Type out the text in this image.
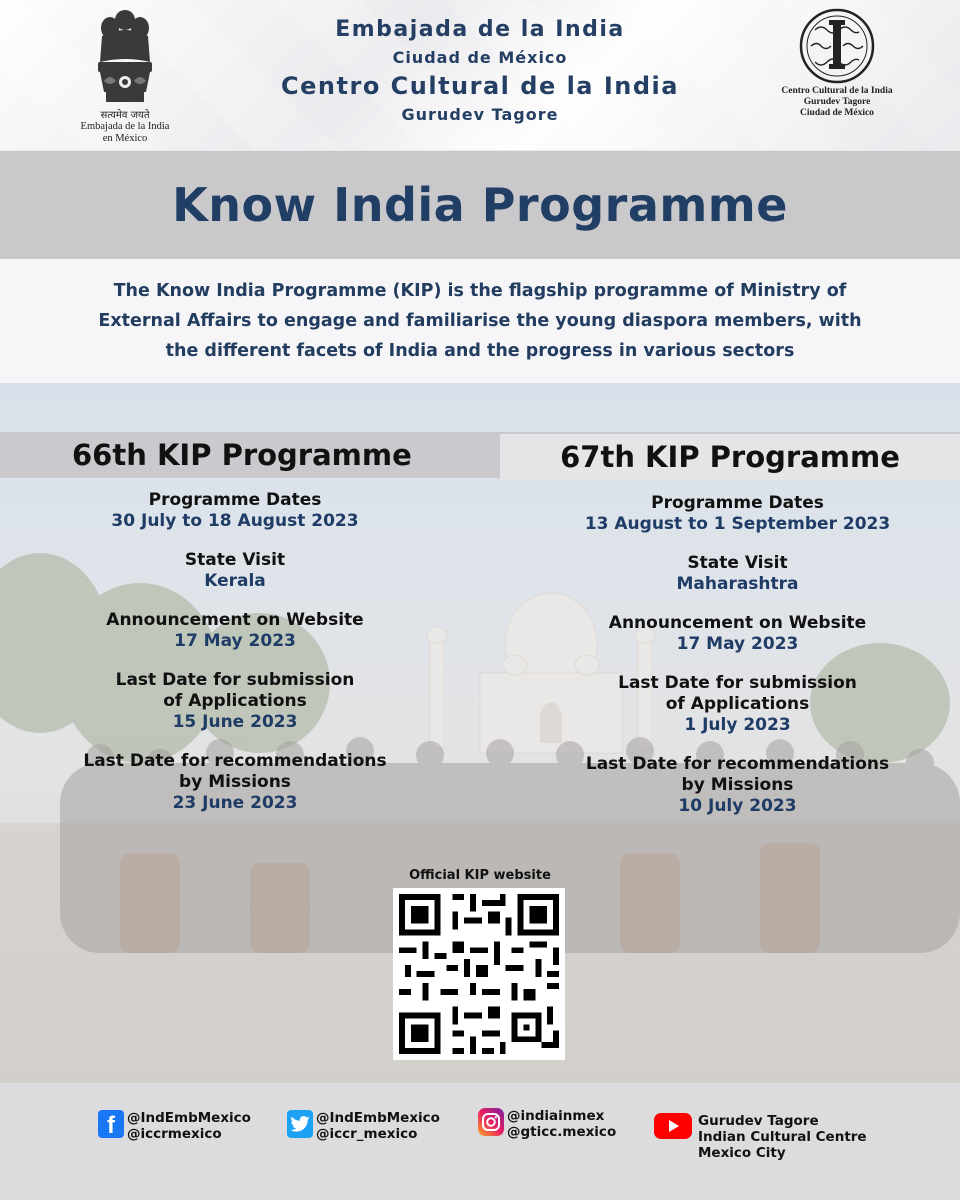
सत्यमेव जयते
Embajada de la India
en México
Embajada de la India
Ciudad de México
Centro Cultural de la India
Gurudev Tagore
Centro Cultural de la India
Gurudev Tagore
Ciudad de México
Know India Programme

The Know India Programme (KIP) is the flagship programme of Ministry of External Affairs to engage and familiarise the young diaspora members, with the different facets of India and the progress in various sectors

66th KIP Programme	67th KIP Programme
Programme Dates
30 July to 18 August 2023
State Visit
Kerala
Announcement on Website
17 May 2023
Last Date for submission
of Applications
15 June 2023
Last Date for recommendations
by Missions
23 June 2023
Programme Dates
13 August to 1 September 2023
State Visit
Maharashtra
Announcement on Website
17 May 2023
Last Date for submission
of Applications
1 July 2023
Last Date for recommendations
by Missions
10 July 2023
Official KIP website
f @IndEmbMexico
@iccrmexico
@IndEmbMexico
@iccr_mexico
@indiainmex
@gticc.mexico
Gurudev Tagore
Indian Cultural Centre
Mexico City
